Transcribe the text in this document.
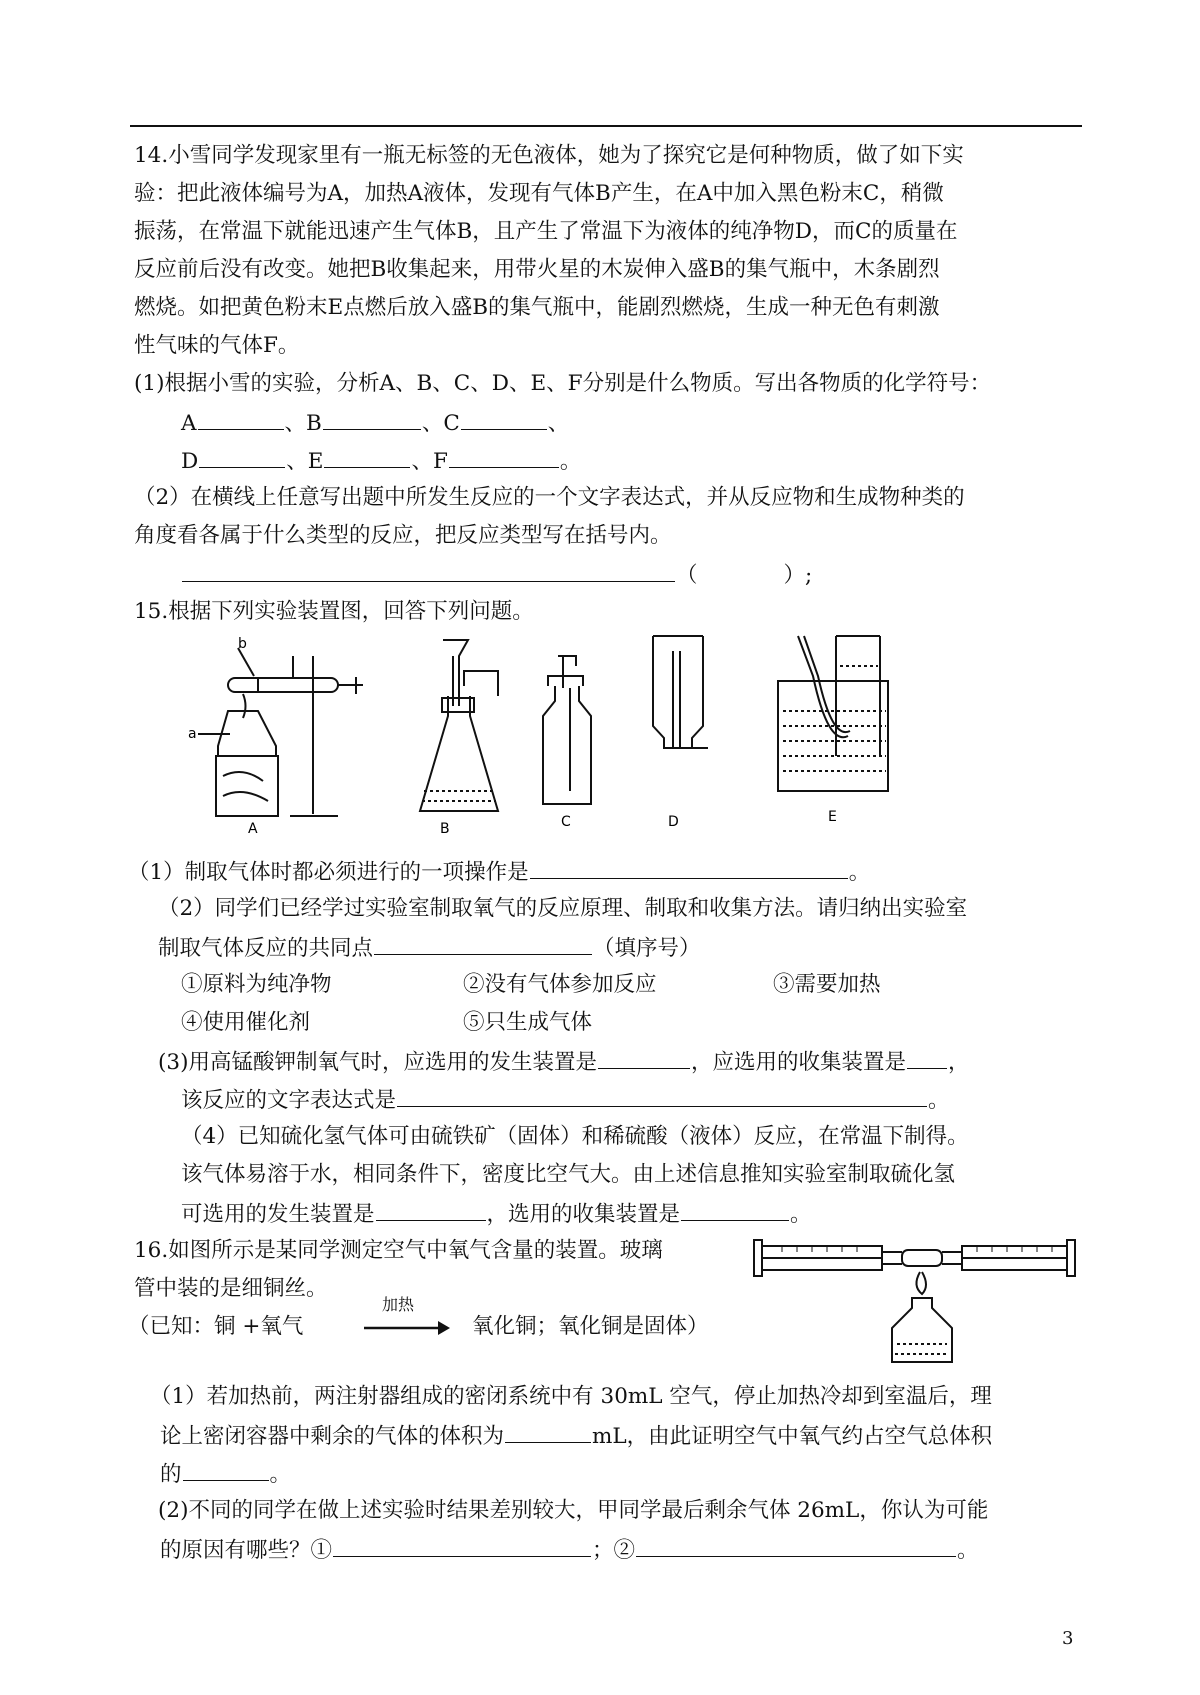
14.小雪同学发现家里有一瓶无标签的无色液体，她为了探究它是何种物质，做了如下实
验：把此液体编号为A，加热A液体，发现有气体B产生，在A中加入黑色粉末C，稍微
振荡，在常温下就能迅速产生气体B，且产生了常温下为液体的纯净物D，而C的质量在
反应前后没有改变。她把B收集起来，用带火星的木炭伸入盛B的集气瓶中，木条剧烈
燃烧。如把黄色粉末E点燃后放入盛B的集气瓶中，能剧烈燃烧，生成一种无色有刺激
性气味的气体F。
(1)根据小雪的实验，分析A、B、C、D、E、F分别是什么物质。写出各物质的化学符号：
A	、B	、C	、
D	、E	、F	。
（2）在横线上任意写出题中所发生反应的一个文字表达式，并从反应物和生成物种类的
角度看各属于什么类型的反应，把反应类型写在括号内。
（	）;
15.根据下列实验装置图，回答下列问题。
A	B	C	D	E
a
b
（1）制取气体时都必须进行的一项操作是	。
（2）同学们已经学过实验室制取氧气的反应原理、制取和收集方法。请归纳出实验室
制取气体反应的共同点	（填序号）
①原料为纯净物	②没有气体参加反应	③需要加热
④使用催化剂	⑤只生成气体
(3)用高锰酸钾制氧气时，应选用的发生装置是	，应选用的收集装置是 ，
该反应的文字表达式是	。
（4）已知硫化氢气体可由硫铁矿（固体）和稀硫酸（液体）反应，在常温下制得。
该气体易溶于水，相同条件下，密度比空气大。由上述信息推知实验室制取硫化氢
可选用的发生装置是	，选用的收集装置是	。
16.如图所示是某同学测定空气中氧气含量的装置。玻璃
管中装的是细铜丝。
（已知：铜 +氧气
加热
氧化铜；氧化铜是固体）
（1）若加热前，两注射器组成的密闭系统中有 30mL 空气，停止加热冷却到室温后，理
论上密闭容器中剩余的气体的体积为	mL，由此证明空气中氧气约占空气总体积
的	。
(2)不同的同学在做上述实验时结果差别较大，甲同学最后剩余气体 26mL，你认为可能
的原因有哪些？①	；②	。
3
